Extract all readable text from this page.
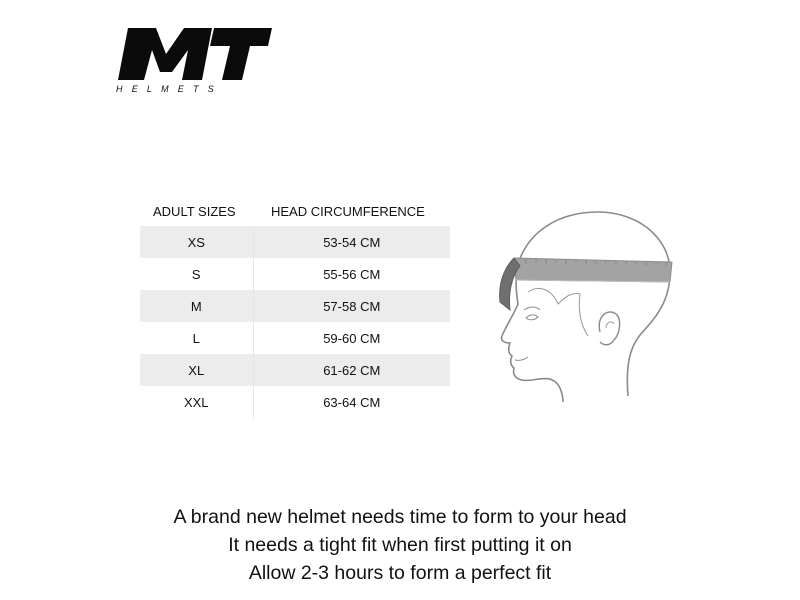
HELMETS
ADULT SIZES	HEAD CIRCUMFERENCE
XS	53-54 CM
S	55-56 CM
M	57-58 CM
L	59-60 CM
XL	61-62 CM
XXL	63-64 CM
A brand new helmet needs time to form to your head
It needs a tight fit when first putting it on
Allow 2-3 hours to form a perfect fit
